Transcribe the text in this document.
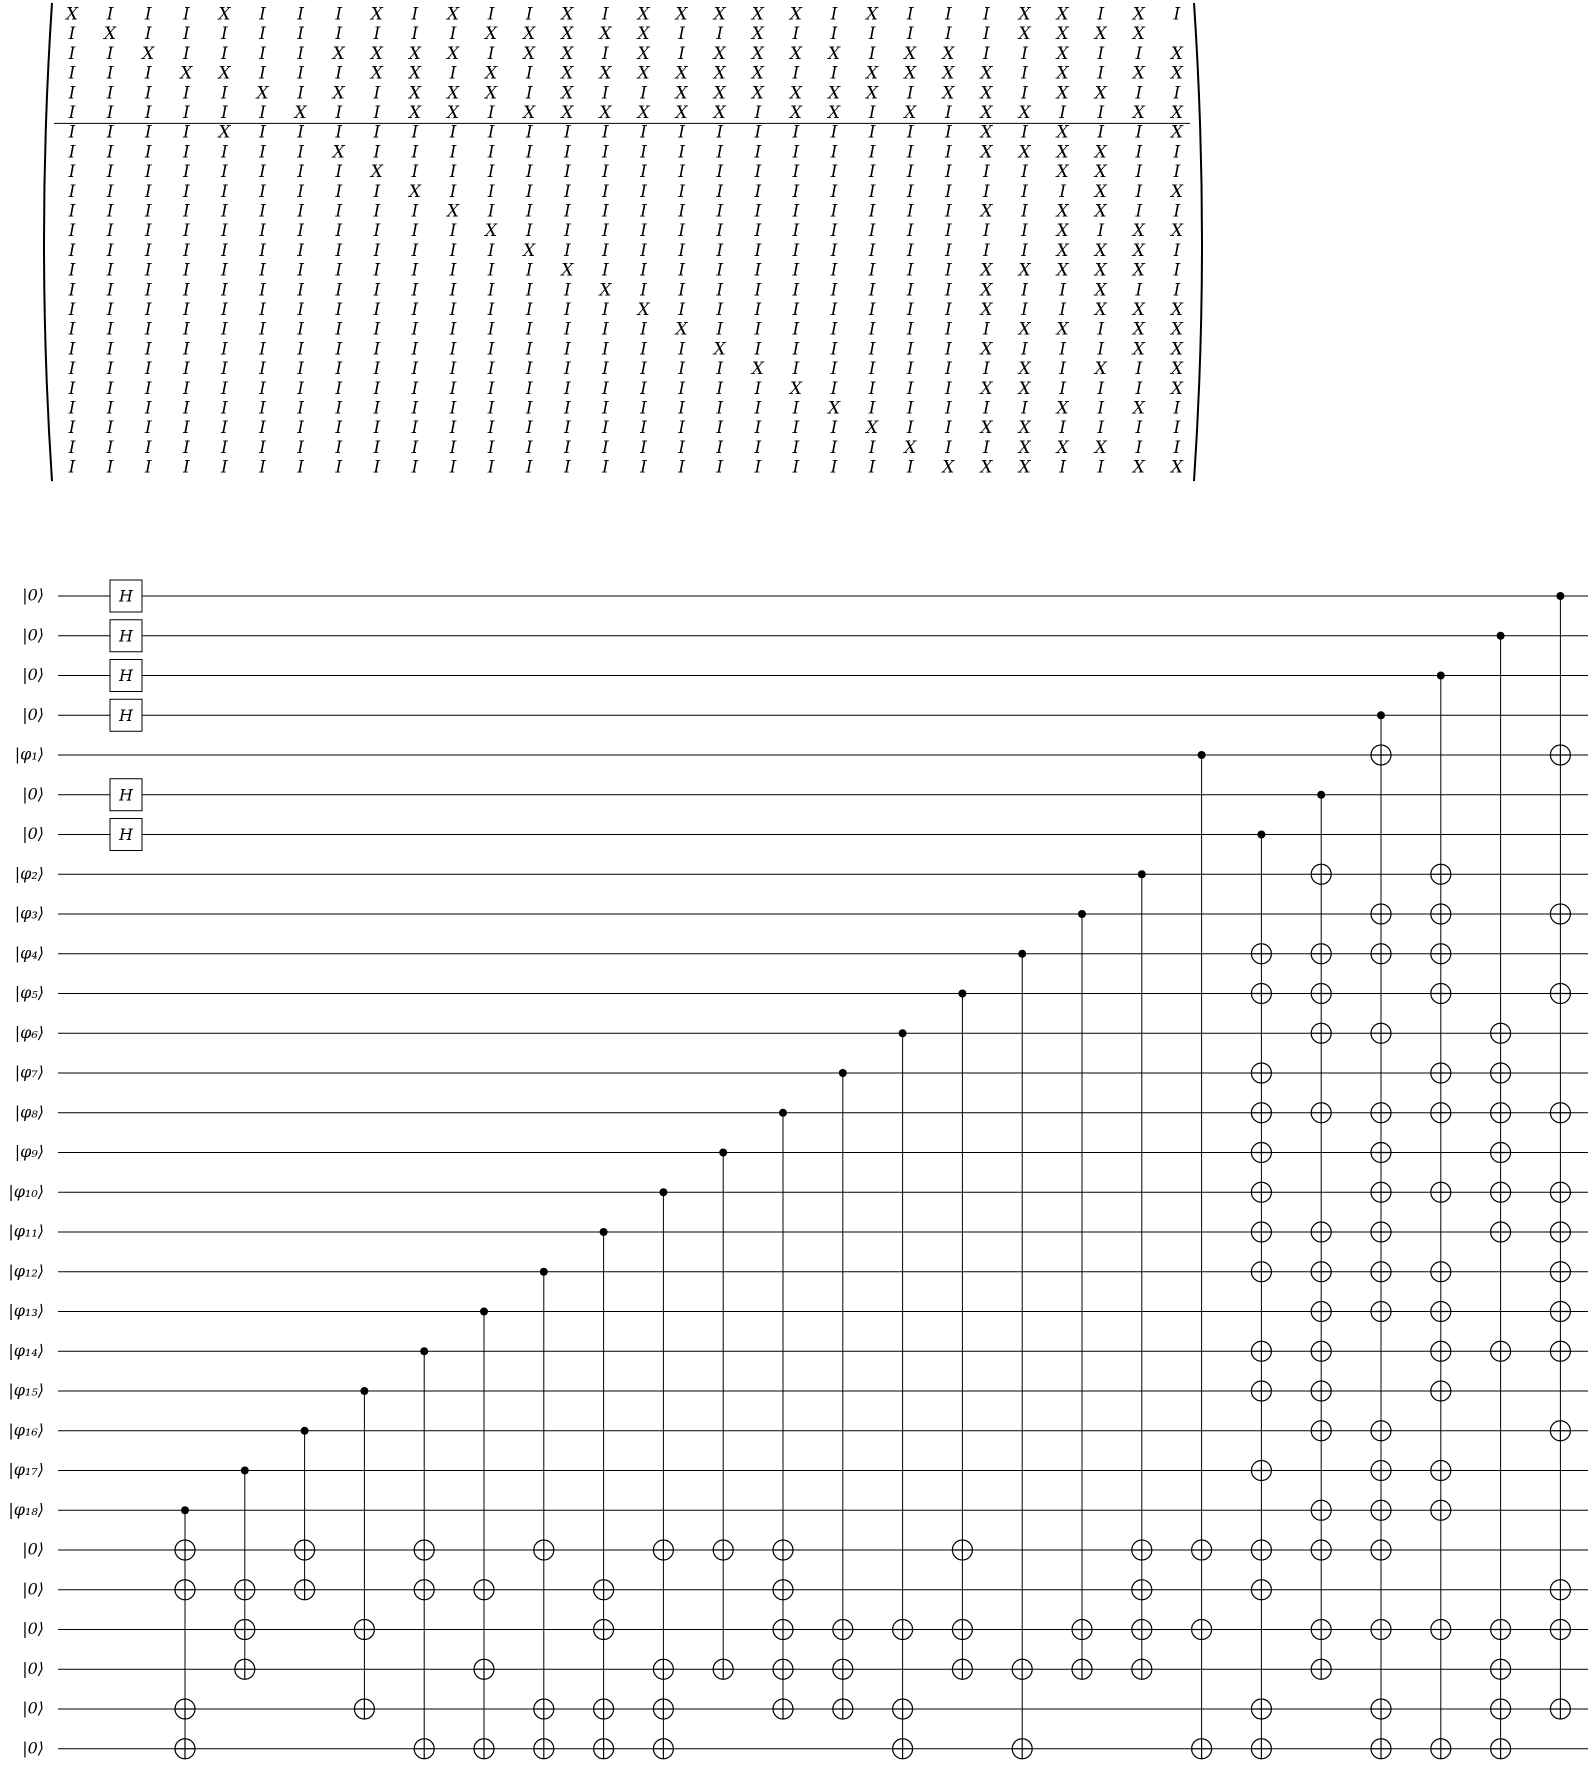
X I I I X I I I X I X I I X I X X X X X I X I I I X X I X I
I X I I I I I I I I I X X X X X I I X I I I I I I X X X X
I I X I I I I X X X X I X X I X I X X X X I X X I I X I I X
I I I X X I I I X X I X I X X X X X X I I X X X X I X I X X
I I I I I X I X I X X X I X I I X X X X X X I X X I X X I I
I I I I I I X I I X X I X X X X X X I X X I X I X X I I X X
I I I I X I I I I I I I I I I I I I I I I I I I X I X I I X
I I I I I I I X I I I I I I I I I I I I I I I I X X X X I I
I I I I I I I I X I I I I I I I I I I I I I I I I I X X I I
I I I I I I I I I X I I I I I I I I I I I I I I I I I X I X
I I I I I I I I I I X I I I I I I I I I I I I I X I X X I I
I I I I I I I I I I I X I I I I I I I I I I I I I I X I X X
I I I I I I I I I I I I X I I I I I I I I I I I I I X X X I
I I I I I I I I I I I I I X I I I I I I I I I I X X X X X I
I I I I I I I I I I I I I I X I I I I I I I I I X I I X I I
I I I I I I I I I I I I I I I X I I I I I I I I X I I X X X
I I I I I I I I I I I I I I I I X I I I I I I I I X X I X X
I I I I I I I I I I I I I I I I I X I I I I I I X I I I X X
I I I I I I I I I I I I I I I I I I X I I I I I I X I X I X
I I I I I I I I I I I I I I I I I I I X I I I I X X I I I X
I I I I I I I I I I I I I I I I I I I I X I I I I I X I X I
I I I I I I I I I I I I I I I I I I I I I X I I X X I I I I
I I I I I I I I I I I I I I I I I I I I I I X I I X X X I I
I I I I I I I I I I I I I I I I I I I I I I I X X X I I X X
|0⟩
|0⟩
|0⟩
|0⟩
|φ₁⟩
|0⟩
|0⟩
|φ₂⟩
|φ₃⟩
|φ₄⟩
|φ₅⟩
|φ₆⟩
|φ₇⟩
|φ₈⟩
|φ₉⟩
|φ₁₀⟩
|φ₁₁⟩
|φ₁₂⟩
|φ₁₃⟩
|φ₁₄⟩
|φ₁₅⟩
|φ₁₆⟩
|φ₁₇⟩
|φ₁₈⟩
|0⟩
|0⟩
|0⟩
|0⟩
|0⟩
|0⟩
H
H
H
H
H
H
